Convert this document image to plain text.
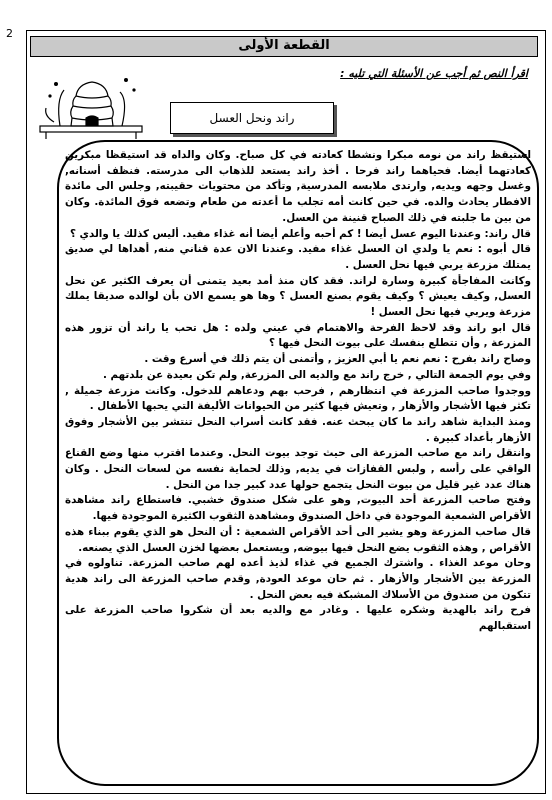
2
القطعة الأولى
اقرأ النص ثم أجب عن الأسئلة التي تليه :
راند ونحل العسل

استيقظ راند من نومه مبكرا ونشطا كعادته في كل صباح. وكان والداه قد استيقظا مبكرين كعادتهما أيضا. فحياهما راند فرحا . أخذ راند يستعد للذهاب الى مدرسته. فنظف أسنانه, وغسل وجهه ويديه, وارتدى ملابسه المدرسية, وتأكد من محتويات حقيبته, وجلس الى مائدة الافطار يحادث والده. في حين كانت أمه تجلب ما أعدته من طعام وتضعه فوق المائدة. وكان من بين ما جلبته في ذلك الصباح قنينة من العسل.

قال راند: وعندنا اليوم عسل أيضا ! كم أحبه وأعلم أيضا أنه غذاء مفيد. أليس كذلك يا والدي ؟

قال أبوه : نعم يا ولدي ان العسل غذاء مفيد. وعندنا الان عدة قناني منه, أهداها لي صديق يمتلك مزرعة يربي فيها نحل العسل .

وكانت المفاجأة كبيرة وسارة لراند. فقد كان منذ أمد بعيد يتمنى أن يعرف الكثير عن نحل العسل, وكيف يعيش ؟ وكيف يقوم بصنع العسل ؟ وها هو يسمع الان بأن لوالده صديقا يملك مزرعة ويربي فيها نحل العسل !

قال ابو راند وقد لاحظ الفرحة والاهتمام في عيني ولده : هل تحب يا راند أن تزور هذه المزرعة , وأن تتطلع بنفسك على بيوت النحل فيها ؟

وصاح راند بفرح : نعم نعم يا أبي العزيز , وأتمنى أن يتم ذلك في أسرع وقت .

وفي يوم الجمعة التالي , خرج راند مع والديه الى المزرعة, ولم تكن بعيدة عن بلدتهم .

ووجدوا صاحب المزرعة في انتظارهم , فرحب بهم ودعاهم للدخول. وكانت مزرعة جميلة , تكثر فيها الأشجار والأزهار , وتعيش فيها كثير من الحيوانات الأليفة التي يحبها الأطفال .

ومنذ البداية شاهد راند ما كان يبحث عنه. فقد كانت أسراب النحل تنتشر بين الأشجار وفوق الأزهار بأعداد كبيرة .

وانتقل راند مع صاحب المزرعة الى حيث توجد بيوت النحل. وعندما اقترب منها وضع القناع الواقي على رأسه , ولبس القفازات في يديه, وذلك لحماية نفسه من لسعات النحل . وكان هناك عدد غير قليل من بيوت النحل يتجمع حولها عدد كبير جدا من النحل .

وفتح صاحب المزرعة أحد البيوت, وهو على شكل صندوق خشبي. فاستطاع راند مشاهدة الأقراص الشمعية الموجودة في داخل الصندوق ومشاهدة الثقوب الكثيرة الموجودة فيها.

قال صاحب المزرعة وهو يشير الى أحد الأقراص الشمعية : أن النحل هو الذي يقوم ببناء هذه الأقراص , وهذه الثقوب يضع النحل فيها بيوضه, ويستعمل بعضها لخزن العسل الذي يصنعه.

وحان موعد الغذاء . واشترك الجميع في غذاء لذيذ أعده لهم صاحب المزرعة. تناولوه في المزرعة بين الأشجار والأزهار . ثم حان موعد العودة, وقدم صاحب المزرعة الى راند هدية تتكون من صندوق من الأسلاك المشبكة فيه بعض النحل .

فرح راند بالهدية وشكره عليها . وغادر مع والديه بعد أن شكروا صاحب المزرعة على استقبالهم
